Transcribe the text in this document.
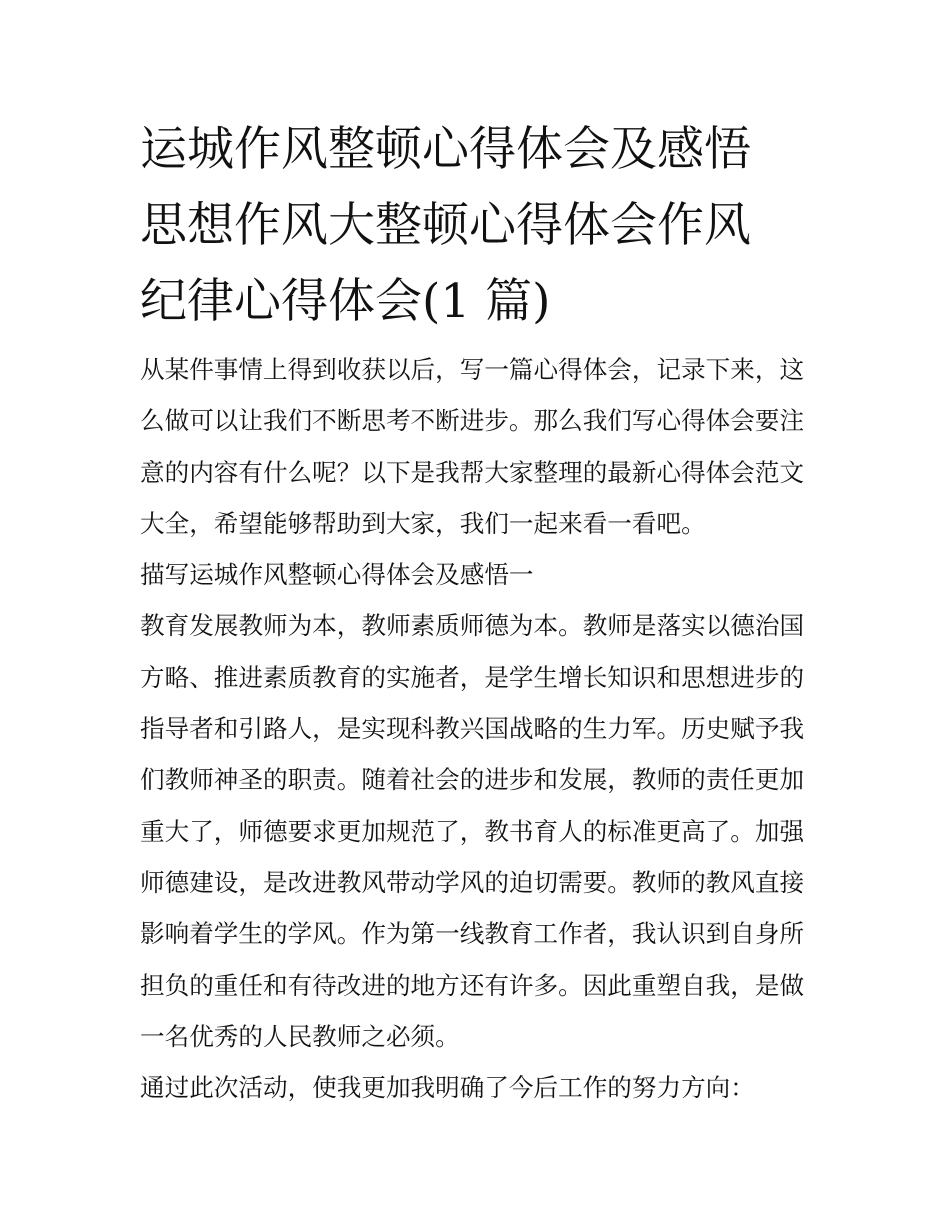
运城作风整顿心得体会及感悟
思想作风大整顿心得体会作风
纪律心得体会(1 篇)

从某件事情上得到收获以后，写一篇心得体会，记录下来，这
么做可以让我们不断思考不断进步。那么我们写心得体会要注
意的内容有什么呢？以下是我帮大家整理的最新心得体会范文
大全，希望能够帮助到大家，我们一起来看一看吧。

描写运城作风整顿心得体会及感悟一

教育发展教师为本，教师素质师德为本。教师是落实以德治国
方略、推进素质教育的实施者，是学生增长知识和思想进步的
指导者和引路人，是实现科教兴国战略的生力军。历史赋予我
们教师神圣的职责。随着社会的进步和发展，教师的责任更加
重大了，师德要求更加规范了，教书育人的标准更高了。加强
师德建设，是改进教风带动学风的迫切需要。教师的教风直接
影响着学生的学风。作为第一线教育工作者，我认识到自身所
担负的重任和有待改进的地方还有许多。因此重塑自我，是做
一名优秀的人民教师之必须。

通过此次活动，使我更加我明确了今后工作的努力方向：
